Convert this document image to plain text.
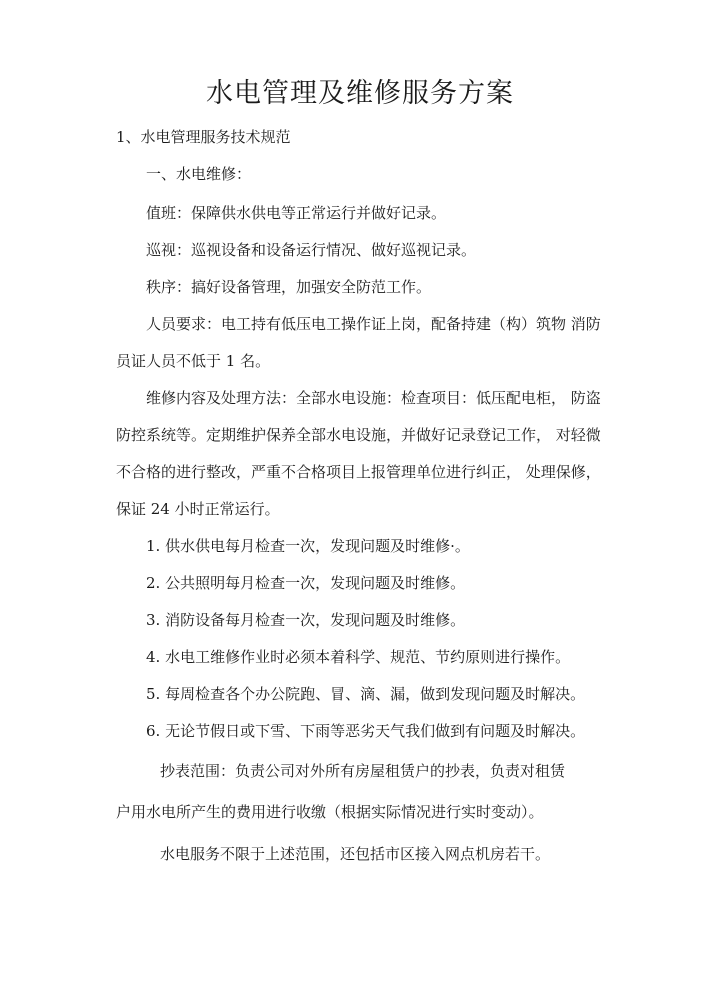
水电管理及维修服务方案
1、水电管理服务技术规范
一、水电维修：
值班：保障供水供电等正常运行并做好记录。
巡视：巡视设备和设备运行情况、做好巡视记录。
秩序：搞好设备管理，加强安全防范工作。
人员要求：电工持有低压电工操作证上岗，配备持建（构）筑物 消防
员证人员不低于 1 名。
维修内容及处理方法：全部水电设施：检查项目：低压配电柜， 防盗
防控系统等。定期维护保养全部水电设施，并做好记录登记工作， 对轻微
不合格的进行整改，严重不合格项目上报管理单位进行纠正， 处理保修，
保证 24 小时正常运行。
1. 供水供电每月检查一次，发现问题及时维修·。
2. 公共照明每月检查一次，发现问题及时维修。
3. 消防设备每月检查一次，发现问题及时维修。
4. 水电工维修作业时必须本着科学、规范、节约原则进行操作。
5. 每周检查各个办公院跑、冒、滴、漏，做到发现问题及时解决。
6. 无论节假日或下雪、下雨等恶劣天气我们做到有问题及时解决。
抄表范围：负责公司对外所有房屋租赁户的抄表，负责对租赁
户用水电所产生的费用进行收缴（根据实际情况进行实时变动）。
水电服务不限于上述范围，还包括市区接入网点机房若干。
